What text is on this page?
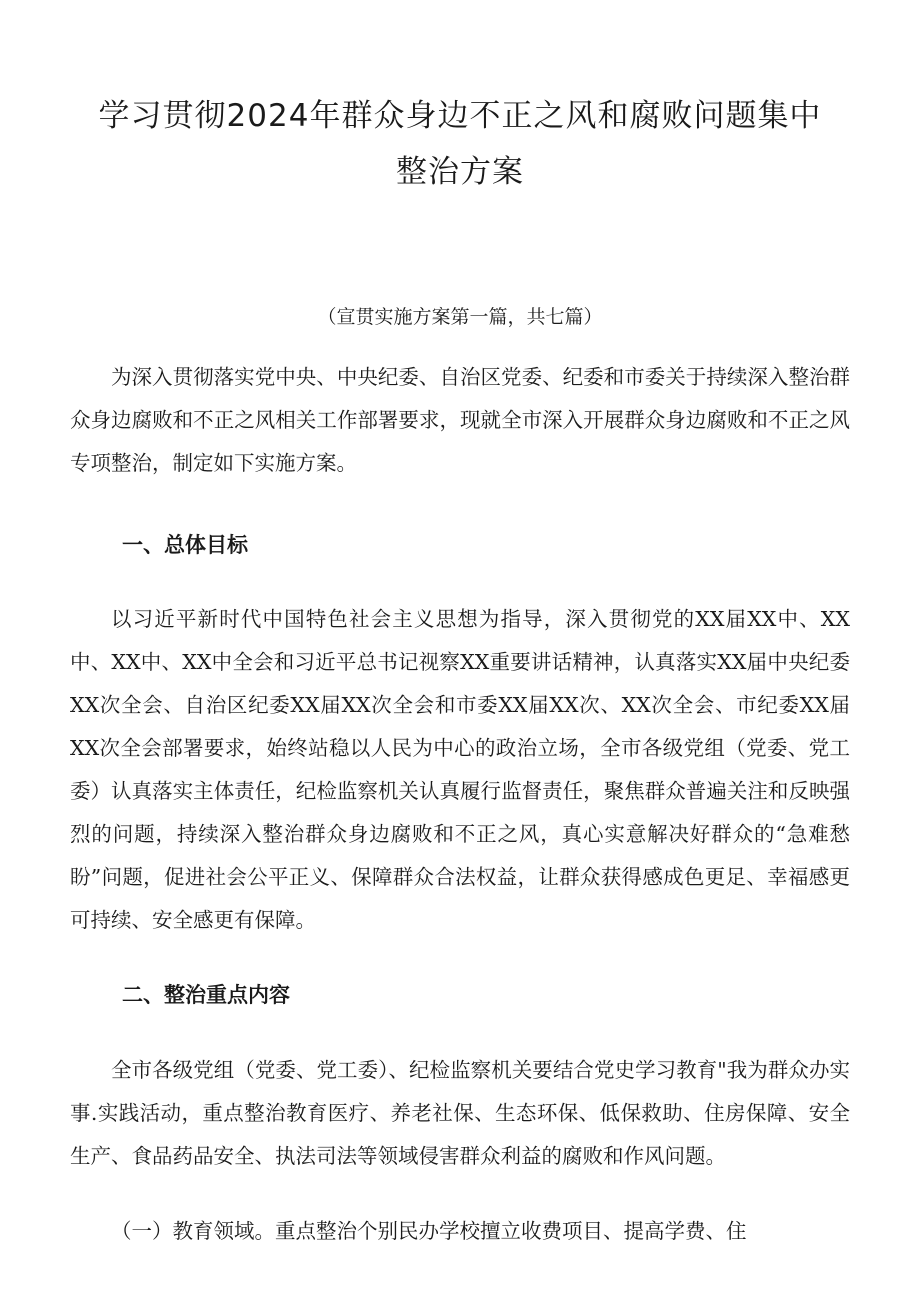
学习贯彻2024年群众身边不正之风和腐败问题集中
整治方案

（宣贯实施方案第一篇，共七篇）

为深入贯彻落实党中央、中央纪委、自治区党委、纪委和市委关于持续深入整治群众身边腐败和不正之风相关工作部署要求，现就全市深入开展群众身边腐败和不正之风专项整治，制定如下实施方案。

一、总体目标

以习近平新时代中国特色社会主义思想为指导，深入贯彻党的XX届XX中、XX中、XX中、XX中全会和习近平总书记视察XX重要讲话精神，认真落实XX届中央纪委XX次全会、自治区纪委XX届XX次全会和市委XX届XX次、XX次全会、市纪委XX届XX次全会部署要求，始终站稳以人民为中心的政治立场，全市各级党组（党委、党工委）认真落实主体责任，纪检监察机关认真履行监督责任，聚焦群众普遍关注和反映强烈的问题，持续深入整治群众身边腐败和不正之风，真心实意解决好群众的“急难愁盼”问题，促进社会公平正义、保障群众合法权益，让群众获得感成色更足、幸福感更可持续、安全感更有保障。

二、整治重点内容

全市各级党组（党委、党工委）、纪检监察机关要结合党史学习教育"我为群众办实事.实践活动，重点整治教育医疗、养老社保、生态环保、低保救助、住房保障、安全生产、食品药品安全、执法司法等领域侵害群众利益的腐败和作风问题。

（一）教育领域。重点整治个别民办学校擅立收费项目、提高学费、住
